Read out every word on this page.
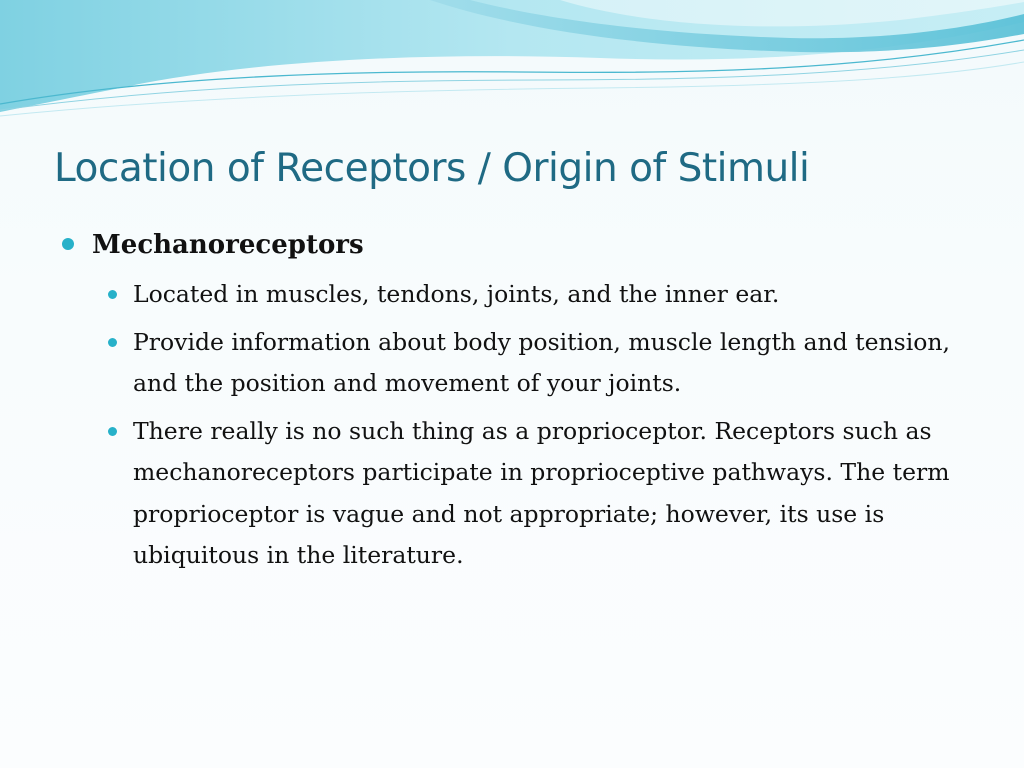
Location of Receptors / Origin of Stimuli
Mechanoreceptors
Located in muscles, tendons, joints, and the inner ear.
Provide information about body position, muscle length and tension, and the position and movement of your joints.
There really is no such thing as a proprioceptor. Receptors such as mechanoreceptors participate in proprioceptive pathways. The term proprioceptor is vague and not appropriate; however, its use is ubiquitous in the literature.
